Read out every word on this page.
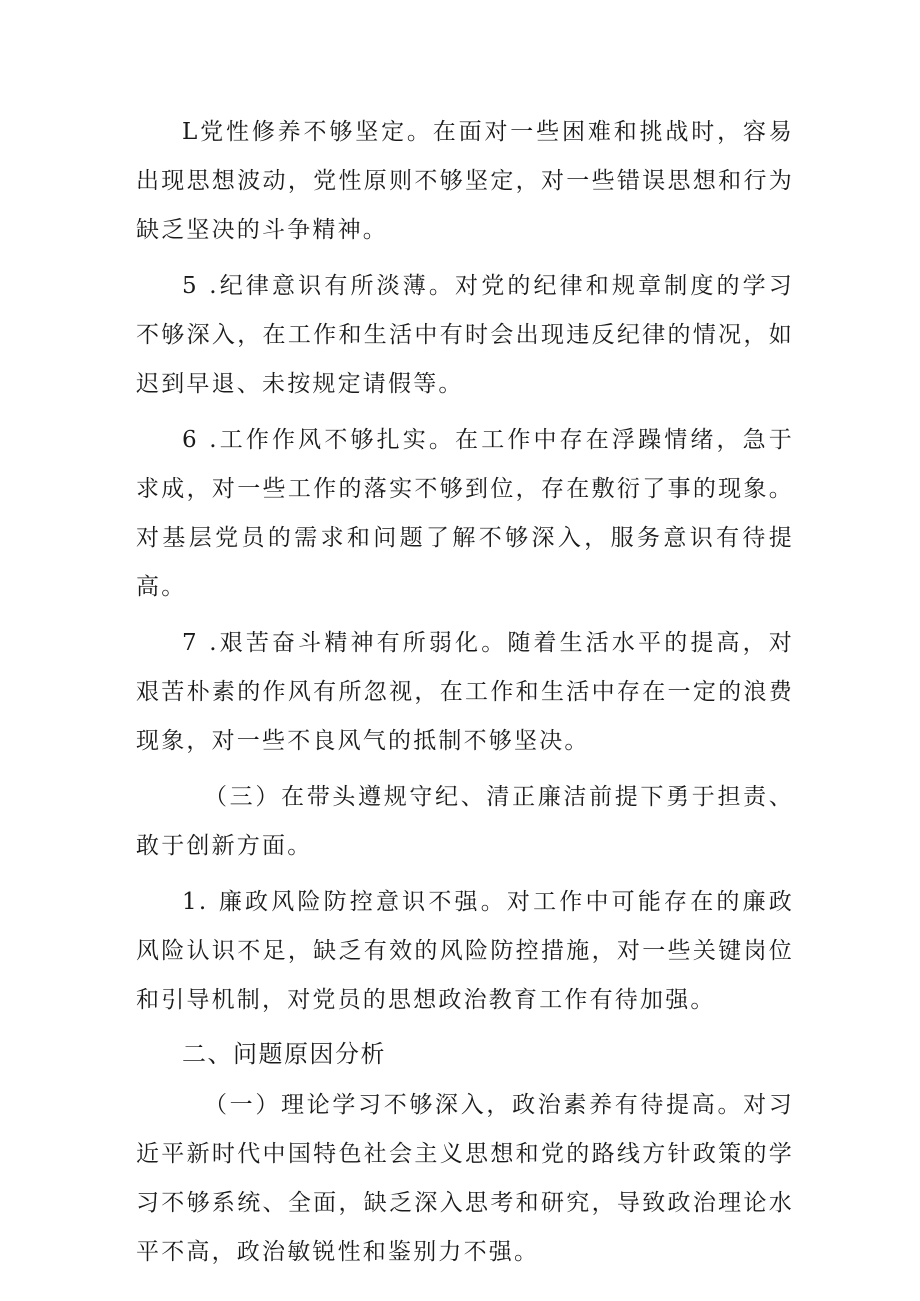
L党性修养不够坚定。在面对一些困难和挑战时，容易出现思想波动，党性原则不够坚定，对一些错误思想和行为缺乏坚决的斗争精神。

5 .纪律意识有所淡薄。对党的纪律和规章制度的学习不够深入，在工作和生活中有时会出现违反纪律的情况，如迟到早退、未按规定请假等。

6 .工作作风不够扎实。在工作中存在浮躁情绪，急于求成，对一些工作的落实不够到位，存在敷衍了事的现象。对基层党员的需求和问题了解不够深入，服务意识有待提高。

7 .艰苦奋斗精神有所弱化。随着生活水平的提高，对艰苦朴素的作风有所忽视，在工作和生活中存在一定的浪费现象，对一些不良风气的抵制不够坚决。

（三）在带头遵规守纪、清正廉洁前提下勇于担责、敢于创新方面。

1. 廉政风险防控意识不强。对工作中可能存在的廉政风险认识不足，缺乏有效的风险防控措施，对一些关键岗位和引导机制，对党员的思想政治教育工作有待加强。

二、问题原因分析

（一）理论学习不够深入，政治素养有待提高。对习近平新时代中国特色社会主义思想和党的路线方针政策的学习不够系统、全面，缺乏深入思考和研究，导致政治理论水平不高，政治敏锐性和鉴别力不强。
